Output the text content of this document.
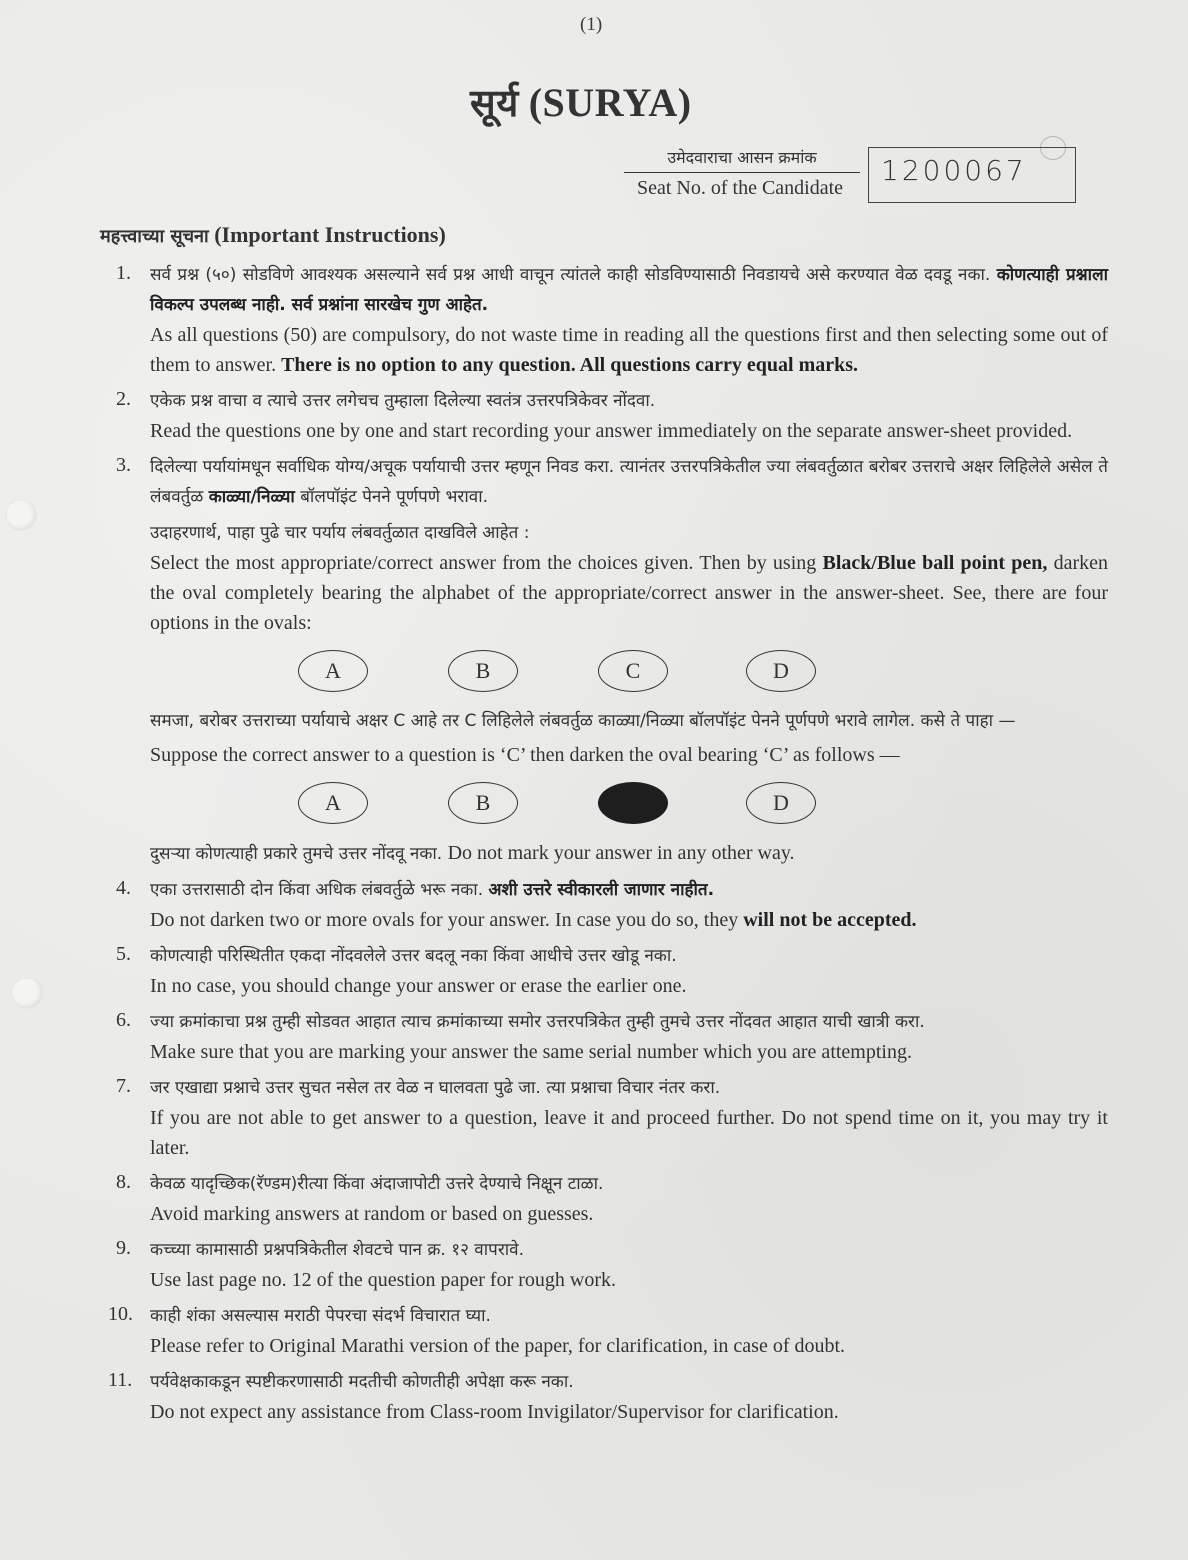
(1)
सूर्य (SURYA)
उमेदवाराचा आसन क्रमांक
Seat No. of the Candidate
1200067
महत्त्वाच्या सूचना (Important Instructions)
1.	सर्व प्रश्न (५०) सोडविणे आवश्यक असल्याने सर्व प्रश्न आधी वाचून त्यांतले काही सोडविण्यासाठी निवडायचे असे करण्यात वेळ दवडू नका. कोणत्याही प्रश्नाला विकल्प उपलब्ध नाही. सर्व प्रश्नांना सारखेच गुण आहेत.
As all questions (50) are compulsory, do not waste time in reading all the questions first and then selecting some out of them to answer. There is no option to any question. All questions carry equal marks.
2.	एकेक प्रश्न वाचा व त्याचे उत्तर लगेचच तुम्हाला दिलेल्या स्वतंत्र उत्तरपत्रिकेवर नोंदवा.
Read the questions one by one and start recording your answer immediately on the separate answer-sheet provided.
3.	दिलेल्या पर्यायांमधून सर्वाधिक योग्य/अचूक पर्यायाची उत्तर म्हणून निवड करा. त्यानंतर उत्तरपत्रिकेतील ज्या लंबवर्तुळात बरोबर उत्तराचे अक्षर लिहिलेले असेल ते लंबवर्तुळ काळ्या/निळ्या बॉलपॉइंट पेनने पूर्णपणे भरावा.
उदाहरणार्थ, पाहा पुढे चार पर्याय लंबवर्तुळात दाखविले आहेत :
Select the most appropriate/correct answer from the choices given. Then by using Black/Blue ball point pen, darken the oval completely bearing the alphabet of the appropriate/correct answer in the answer-sheet. See, there are four options in the ovals:
A	B	C	D
समजा, बरोबर उत्तराच्या पर्यायाचे अक्षर C आहे तर C लिहिलेले लंबवर्तुळ काळ्या/निळ्या बॉलपॉइंट पेनने पूर्णपणे भरावे लागेल. कसे ते पाहा —
Suppose the correct answer to a question is ‘C’ then darken the oval bearing ‘C’ as follows —
A	B	D
दुसऱ्या कोणत्याही प्रकारे तुमचे उत्तर नोंदवू नका. Do not mark your answer in any other way.
4.	एका उत्तरासाठी दोन किंवा अधिक लंबवर्तुळे भरू नका. अशी उत्तरे स्वीकारली जाणार नाहीत.
Do not darken two or more ovals for your answer. In case you do so, they will not be accepted.
5.	कोणत्याही परिस्थितीत एकदा नोंदवलेले उत्तर बदलू नका किंवा आधीचे उत्तर खोडू नका.
In no case, you should change your answer or erase the earlier one.
6.	ज्या क्रमांकाचा प्रश्न तुम्ही सोडवत आहात त्याच क्रमांकाच्या समोर उत्तरपत्रिकेत तुम्ही तुमचे उत्तर नोंदवत आहात याची खात्री करा.
Make sure that you are marking your answer the same serial number which you are attempting.
7.	जर एखाद्या प्रश्नाचे उत्तर सुचत नसेल तर वेळ न घालवता पुढे जा. त्या प्रश्नाचा विचार नंतर करा.
If you are not able to get answer to a question, leave it and proceed further. Do not spend time on it, you may try it later.
8.	केवळ यादृच्छिक(रॅण्डम)रीत्या किंवा अंदाजापोटी उत्तरे देण्याचे निक्षून टाळा.
Avoid marking answers at random or based on guesses.
9.	कच्च्या कामासाठी प्रश्नपत्रिकेतील शेवटचे पान क्र. १२ वापरावे.
Use last page no. 12 of the question paper for rough work.
10. काही शंका असल्यास मराठी पेपरचा संदर्भ विचारात घ्या.
Please refer to Original Marathi version of the paper, for clarification, in case of doubt.
11.	पर्यवेक्षकाकडून स्पष्टीकरणासाठी मदतीची कोणतीही अपेक्षा करू नका.
Do not expect any assistance from Class-room Invigilator/Supervisor for clarification.
